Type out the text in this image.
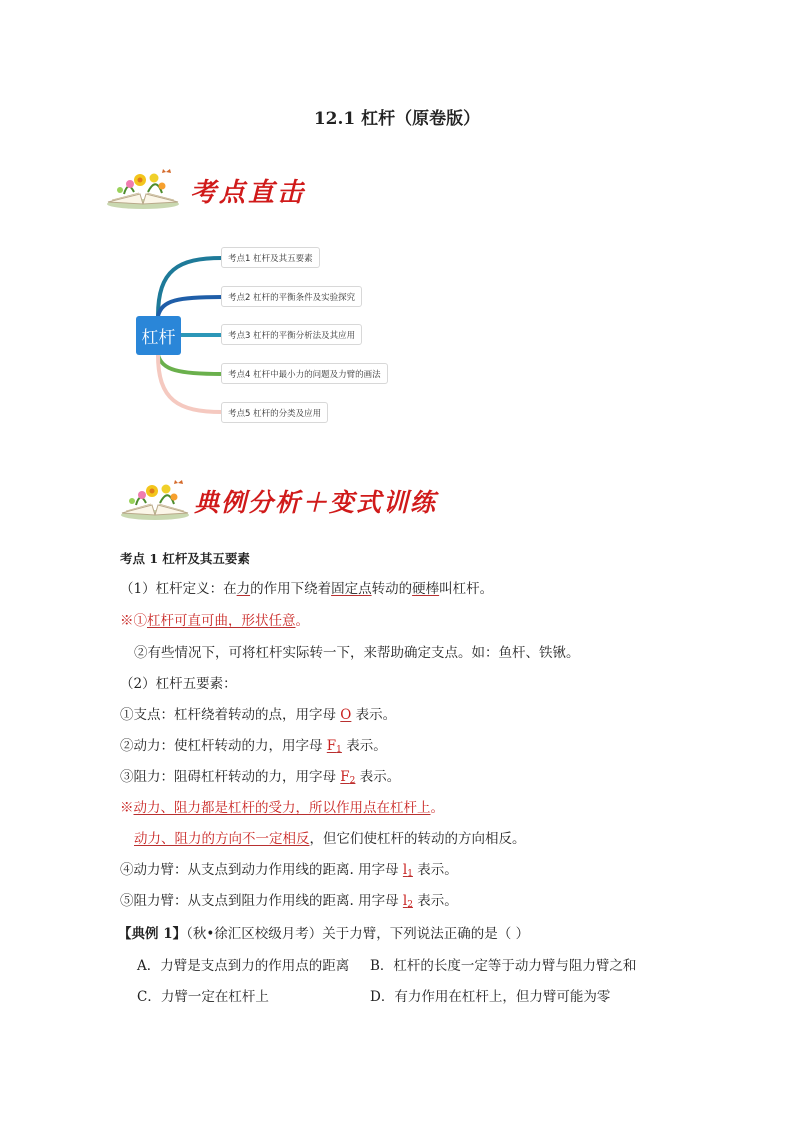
12.1 杠杆（原卷版）
考点直击
杠杆
考点1 杠杆及其五要素
考点2 杠杆的平衡条件及实验探究
考点3 杠杆的平衡分析法及其应用
考点4 杠杆中最小力的问题及力臂的画法
考点5 杠杆的分类及应用
典例分析＋变式训练
考点 1 杠杆及其五要素
（1）杠杆定义：在力的作用下绕着固定点转动的硬棒叫杠杆。
※①杠杆可直可曲，形状任意。
②有些情况下，可将杠杆实际转一下，来帮助确定支点。如：鱼杆、铁锹。
（2）杠杆五要素：
①支点：杠杆绕着转动的点，用字母 O 表示。
②动力：使杠杆转动的力，用字母 $F_1$ 表示。
③阻力：阻碍杠杆转动的力，用字母 $F_2$ 表示。
※动力、阻力都是杠杆的受力，所以作用点在杠杆上。
动力、阻力的方向不一定相反，但它们使杠杆的转动的方向相反。
④动力臂：从支点到动力作用线的距离. 用字母 $l_1$ 表示。
⑤阻力臂：从支点到阻力作用线的距离. 用字母 $l_2$ 表示。
【典例 1】（秋•徐汇区校级月考）关于力臂，下列说法正确的是（ ）
A．力臂是支点到力的作用点的距离 B．杠杆的长度一定等于动力臂与阻力臂之和
C．力臂一定在杠杆上	D．有力作用在杠杆上，但力臂可能为零
